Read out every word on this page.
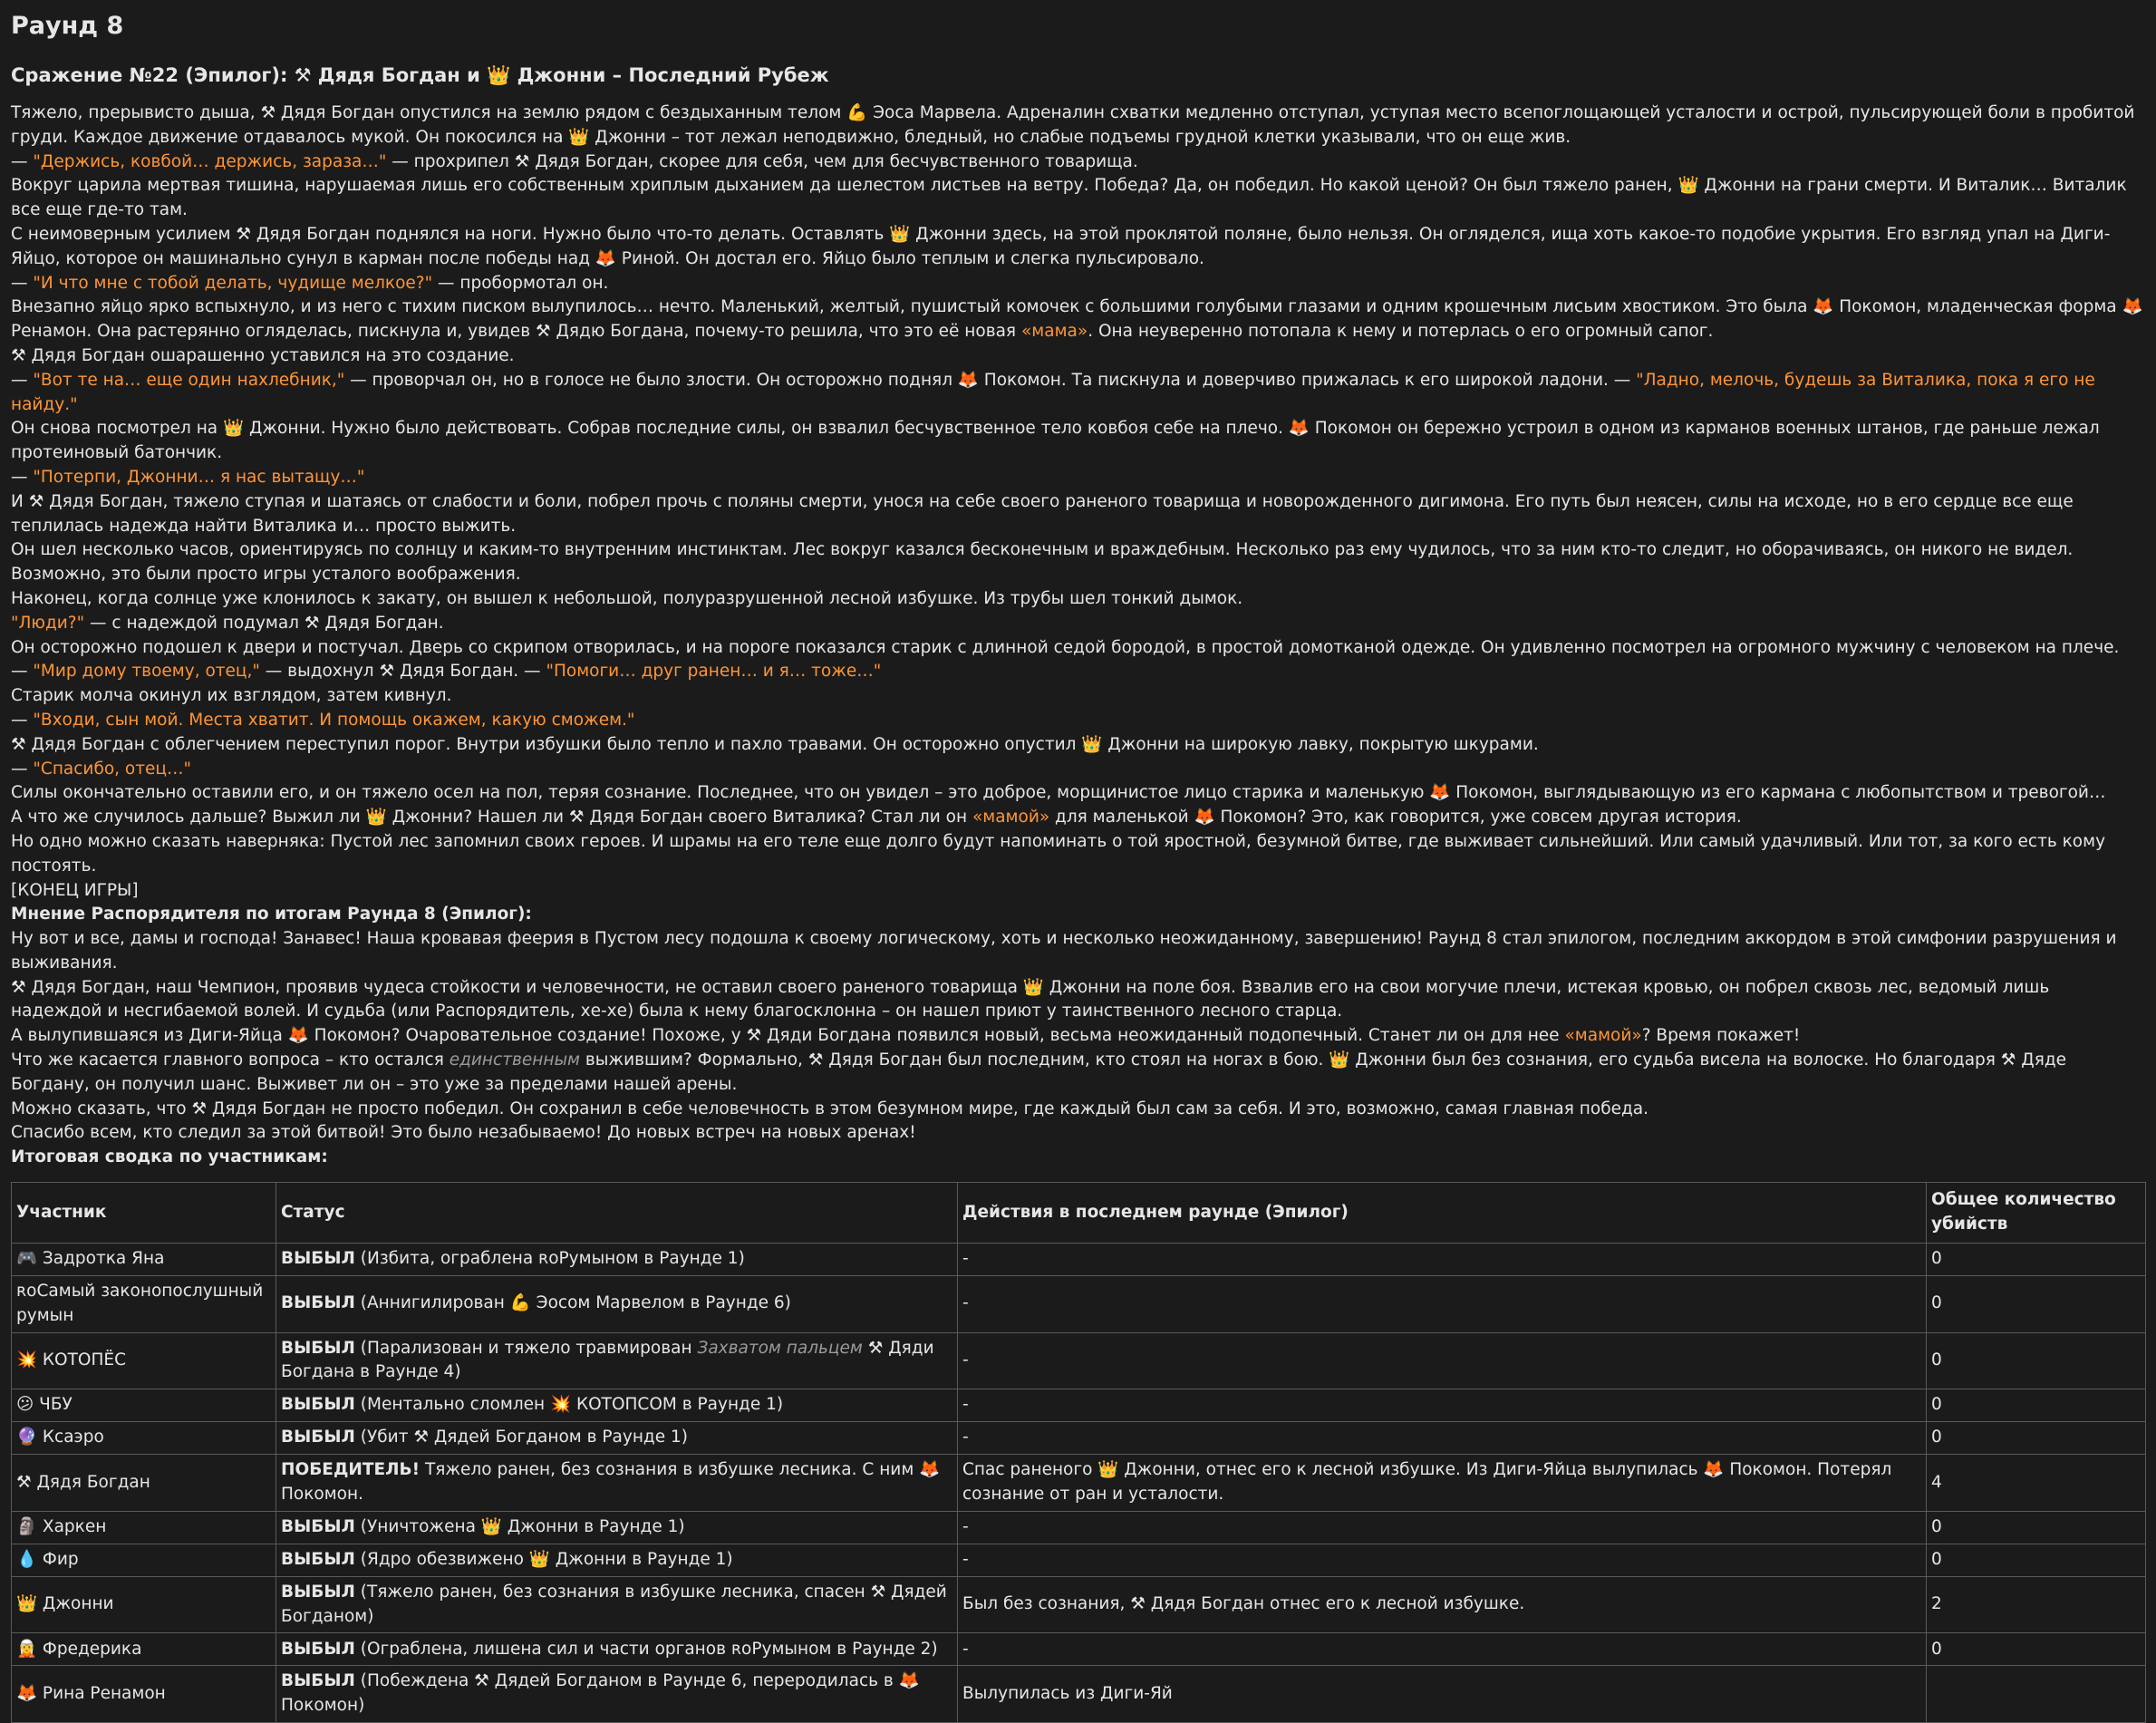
Раунд 8
Сражение №22 (Эпилог): ⚒ Дядя Богдан и 👑 Джонни – Последний Рубеж

Тяжело, прерывисто дыша, ⚒ Дядя Богдан опустился на землю рядом с бездыханным телом 💪 Эоса Марвела. Адреналин схватки медленно отступал, уступая место всепоглощающей усталости и острой, пульсирующей боли в пробитой груди. Каждое движение отдавалось мукой. Он покосился на 👑 Джонни – тот лежал неподвижно, бледный, но слабые подъемы грудной клетки указывали, что он еще жив.

— "Держись, ковбой… держись, зараза…" — прохрипел ⚒ Дядя Богдан, скорее для себя, чем для бесчувственного товарища.

Вокруг царила мертвая тишина, нарушаемая лишь его собственным хриплым дыханием да шелестом листьев на ветру. Победа? Да, он победил. Но какой ценой? Он был тяжело ранен, 👑 Джонни на грани смерти. И Виталик… Виталик все еще где-то там.

С неимоверным усилием ⚒ Дядя Богдан поднялся на ноги. Нужно было что-то делать. Оставлять 👑 Джонни здесь, на этой проклятой поляне, было нельзя. Он огляделся, ища хоть какое-то подобие укрытия. Его взгляд упал на Диги-Яйцо, которое он машинально сунул в карман после победы над 🦊 Риной. Он достал его. Яйцо было теплым и слегка пульсировало.

— "И что мне с тобой делать, чудище мелкое?" — пробормотал он.

Внезапно яйцо ярко вспыхнуло, и из него с тихим писком вылупилось… нечто. Маленький, желтый, пушистый комочек с большими голубыми глазами и одним крошечным лисьим хвостиком. Это была 🦊 Покомон, младенческая форма 🦊 Ренамон. Она растерянно огляделась, пискнула и, увидев ⚒ Дядю Богдана, почему-то решила, что это её новая «мама». Она неуверенно потопала к нему и потерлась о его огромный сапог.

⚒ Дядя Богдан ошарашенно уставился на это создание.

— "Вот те на… еще один нахлебник," — проворчал он, но в голосе не было злости. Он осторожно поднял 🦊 Покомон. Та пискнула и доверчиво прижалась к его широкой ладони. — "Ладно, мелочь, будешь за Виталика, пока я его не найду."

Он снова посмотрел на 👑 Джонни. Нужно было действовать. Собрав последние силы, он взвалил бесчувственное тело ковбоя себе на плечо. 🦊 Покомон он бережно устроил в одном из карманов военных штанов, где раньше лежал протеиновый батончик.

— "Потерпи, Джонни… я нас вытащу…"

И ⚒ Дядя Богдан, тяжело ступая и шатаясь от слабости и боли, побрел прочь с поляны смерти, унося на себе своего раненого товарища и новорожденного дигимона. Его путь был неясен, силы на исходе, но в его сердце все еще теплилась надежда найти Виталика и… просто выжить.

Он шел несколько часов, ориентируясь по солнцу и каким-то внутренним инстинктам. Лес вокруг казался бесконечным и враждебным. Несколько раз ему чудилось, что за ним кто-то следит, но оборачиваясь, он никого не видел. Возможно, это были просто игры усталого воображения.

Наконец, когда солнце уже клонилось к закату, он вышел к небольшой, полуразрушенной лесной избушке. Из трубы шел тонкий дымок.

"Люди?" — с надеждой подумал ⚒ Дядя Богдан.

Он осторожно подошел к двери и постучал. Дверь со скрипом отворилась, и на пороге показался старик с длинной седой бородой, в простой домотканой одежде. Он удивленно посмотрел на огромного мужчину с человеком на плече.

— "Мир дому твоему, отец," — выдохнул ⚒ Дядя Богдан. — "Помоги… друг ранен… и я… тоже…"

Старик молча окинул их взглядом, затем кивнул.

— "Входи, сын мой. Места хватит. И помощь окажем, какую сможем."

⚒ Дядя Богдан с облегчением переступил порог. Внутри избушки было тепло и пахло травами. Он осторожно опустил 👑 Джонни на широкую лавку, покрытую шкурами.

— "Спасибо, отец…"

Силы окончательно оставили его, и он тяжело осел на пол, теряя сознание. Последнее, что он увидел – это доброе, морщинистое лицо старика и маленькую 🦊 Покомон, выглядывающую из его кармана с любопытством и тревогой…

А что же случилось дальше? Выжил ли 👑 Джонни? Нашел ли ⚒ Дядя Богдан своего Виталика? Стал ли он «мамой» для маленькой 🦊 Покомон? Это, как говорится, уже совсем другая история.

Но одно можно сказать наверняка: Пустой лес запомнил своих героев. И шрамы на его теле еще долго будут напоминать о той яростной, безумной битве, где выживает сильнейший. Или самый удачливый. Или тот, за кого есть кому постоять.

[КОНЕЦ ИГРЫ]

Мнение Распорядителя по итогам Раунда 8 (Эпилог):

Ну вот и все, дамы и господа! Занавес! Наша кровавая феерия в Пустом лесу подошла к своему логическому, хоть и несколько неожиданному, завершению! Раунд 8 стал эпилогом, последним аккордом в этой симфонии разрушения и выживания.

⚒ Дядя Богдан, наш Чемпион, проявив чудеса стойкости и человечности, не оставил своего раненого товарища 👑 Джонни на поле боя. Взвалив его на свои могучие плечи, истекая кровью, он побрел сквозь лес, ведомый лишь надеждой и несгибаемой волей. И судьба (или Распорядитель, хе-хе) была к нему благосклонна – он нашел приют у таинственного лесного старца.

А вылупившаяся из Диги-Яйца 🦊 Покомон? Очаровательное создание! Похоже, у ⚒ Дяди Богдана появился новый, весьма неожиданный подопечный. Станет ли он для нее «мамой»? Время покажет!

Что же касается главного вопроса – кто остался единственным выжившим? Формально, ⚒ Дядя Богдан был последним, кто стоял на ногах в бою. 👑 Джонни был без сознания, его судьба висела на волоске. Но благодаря ⚒ Дяде Богдану, он получил шанс. Выживет ли он – это уже за пределами нашей арены.

Можно сказать, что ⚒ Дядя Богдан не просто победил. Он сохранил в себе человечность в этом безумном мире, где каждый был сам за себя. И это, возможно, самая главная победа.

Спасибо всем, кто следил за этой битвой! Это было незабываемо! До новых встреч на новых аренах!

Итоговая сводка по участникам:

Участник	Статус	Действия в последнем раунде (Эпилог)	Общее количество убийств
🎮 Задротка Яна	ВЫБЫЛ (Избита, ограблена ʀᴏРумыном в Раунде 1)	-	0
ʀᴏСамый законопослушный румын	ВЫБЫЛ (Аннигилирован 💪 Эосом Марвелом в Раунде 6)	-	0
💥 КОТОПЁС	ВЫБЫЛ (Парализован и тяжело травмирован Захватом пальцем ⚒ Дяди Богдана в Раунде 4)	-	0
😕 ЧБУ	ВЫБЫЛ (Ментально сломлен 💥 КОТОПСОМ в Раунде 1)	-	0
🔮 Ксаэро	ВЫБЫЛ (Убит ⚒ Дядей Богданом в Раунде 1)	-	0
⚒ Дядя Богдан	ПОБЕДИТЕЛЬ! Тяжело ранен, без сознания в избушке лесника. С ним 🦊 Покомон.	Спас раненого 👑 Джонни, отнес его к лесной избушке. Из Диги-Яйца вылупилась 🦊 Покомон. Потерял сознание от ран и усталости.	4
🗿 Харкен	ВЫБЫЛ (Уничтожена 👑 Джонни в Раунде 1)	-	0
💧 Фир	ВЫБЫЛ (Ядро обезвижено 👑 Джонни в Раунде 1)	-	0
👑 Джонни	ВЫБЫЛ (Тяжело ранен, без сознания в избушке лесника, спасен ⚒ Дядей Богданом)	Был без сознания, ⚒ Дядя Богдан отнес его к лесной избушке.	2
🧝 Фредерика	ВЫБЫЛ (Ограблена, лишена сил и части органов ʀᴏРумыном в Раунде 2)	-	0
🦊 Рина Ренамон	ВЫБЫЛ (Побеждена ⚒ Дядей Богданом в Раунде 6, переродилась в 🦊 Покомон)	Вылупилась из Диги-Яй	
